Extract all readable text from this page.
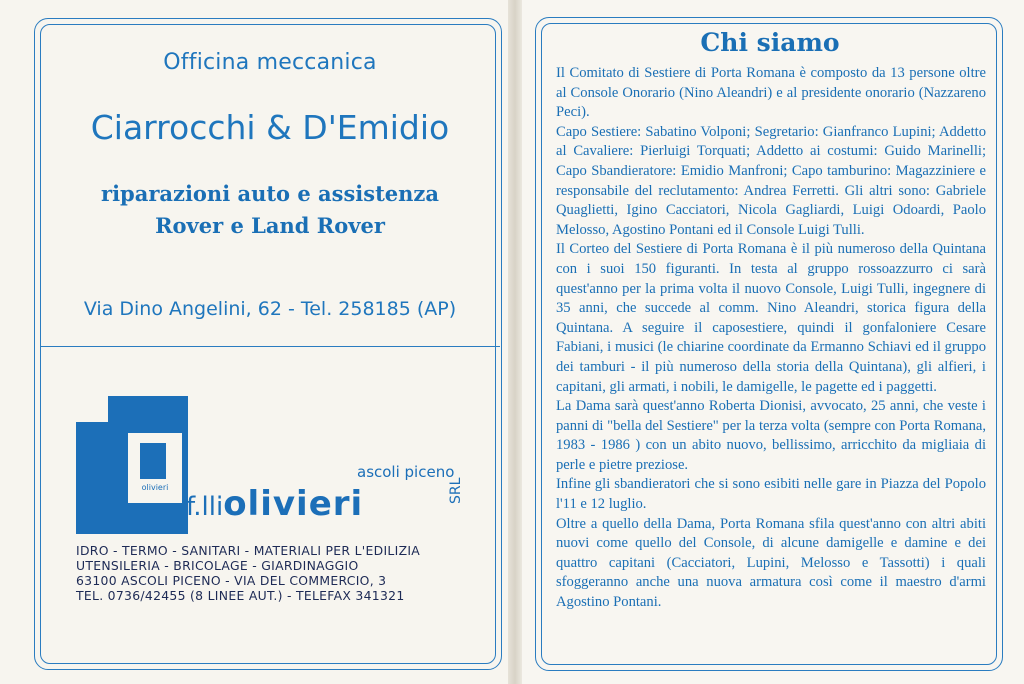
Officina meccanica
Ciarrocchi & D'Emidio
riparazioni auto e assistenza
Rover e Land Rover
Via Dino Angelini, 62 - Tel. 258185 (AP)
olivieri
ascoli piceno
f.lliolivieri	SRL
IDRO - TERMO - SANITARI - MATERIALI PER L'EDILIZIA
UTENSILERIA - BRICOLAGE - GIARDINAGGIO
63100 ASCOLI PICENO - VIA DEL COMMERCIO, 3
TEL. 0736/42455 (8 LINEE AUT.) - TELEFAX 341321
Chi siamo

Il Comitato di Sestiere di Porta Romana è composto da 13 persone oltre al Console Onorario (Nino Aleandri) e al presidente onorario (Nazzareno Peci).

Capo Sestiere: Sabatino Volponi; Segretario: Gianfranco Lupini; Addetto al Cavaliere: Pierluigi Torquati; Addetto ai costumi: Guido Marinelli; Capo Sbandieratore: Emidio Manfroni; Capo tamburino: Magazziniere e responsabile del reclutamento: Andrea Ferretti. Gli altri sono: Gabriele Quaglietti, Igino Cacciatori, Nicola Gagliardi, Luigi Odoardi, Paolo Melosso, Agostino Pontani ed il Console Luigi Tulli.

Il Corteo del Sestiere di Porta Romana è il più numeroso della Quintana con i suoi 150 figuranti. In testa al gruppo rossoazzurro ci sarà quest'anno per la prima volta il nuovo Console, Luigi Tulli, ingegnere di 35 anni, che succede al comm. Nino Aleandri, storica figura della Quintana. A seguire il caposestiere, quindi il gonfaloniere Cesare Fabiani, i musici (le chiarine coordinate da Ermanno Schiavi ed il gruppo dei tamburi - il più numeroso della storia della Quintana), gli alfieri, i capitani, gli armati, i nobili, le damigelle, le pagette ed i paggetti.

La Dama sarà quest'anno Roberta Dionisi, avvocato, 25 anni, che veste i panni di "bella del Sestiere" per la terza volta (sempre con Porta Romana, 1983 - 1986 ) con un abito nuovo, bellissimo, arricchito da migliaia di perle e pietre preziose.

Infine gli sbandieratori che si sono esibiti nelle gare in Piazza del Popolo l'11 e 12 luglio.

Oltre a quello della Dama, Porta Romana sfila quest'anno con altri abiti nuovi come quello del Console, di alcune damigelle e damine e dei quattro capitani (Cacciatori, Lupini, Melosso e Tassotti) i quali sfoggeranno anche una nuova armatura così come il maestro d'armi Agostino Pontani.
